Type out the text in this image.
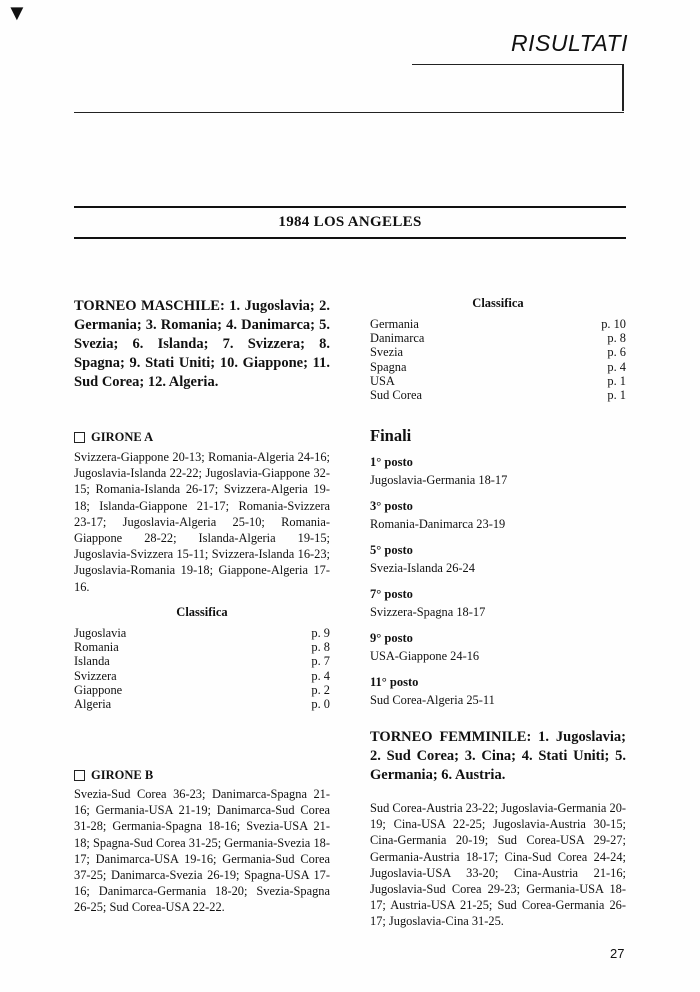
▼
RISULTATI
1984 LOS ANGELES
TORNEO MASCHILE: 1. Jugoslavia; 2. Germania; 3. Romania; 4. Danimarca; 5. Svezia; 6. Islanda; 7. Svizzera; 8. Spagna; 9. Stati Uniti; 10. Giappone; 11. Sud Corea; 12. Algeria.
GIRONE A
Svizzera-Giappone 20-13; Romania-Algeria 24-16; Jugoslavia-Islanda 22-22; Jugoslavia-Giappone 32-15; Romania-Islanda 26-17; Svizzera-Algeria 19-18; Islanda-Giappone 21-17; Romania-Svizzera 23-17; Jugoslavia-Algeria 25-10; Romania-Giappone 28-22; Islanda-Algeria 19-15; Jugoslavia-Svizzera 15-11; Svizzera-Islanda 16-23; Jugoslavia-Romania 19-18; Giappone-Algeria 17-16.
Classifica
Jugoslavia	p. 9
Romania	p. 8
Islanda	p. 7
Svizzera	p. 4
Giappone	p. 2
Algeria	p. 0
GIRONE B
Svezia-Sud Corea 36-23; Danimarca-Spagna 21-16; Germania-USA 21-19; Danimarca-Sud Corea 31-28; Germania-Spagna 18-16; Svezia-USA 21-18; Spagna-Sud Corea 31-25; Germania-Svezia 18-17; Danimarca-USA 19-16; Germania-Sud Corea 37-25; Danimarca-Svezia 26-19; Spagna-USA 17-16; Danimarca-Germania 18-20; Svezia-Spagna 26-25; Sud Corea-USA 22-22.
Classifica
Germania	p. 10
Danimarca	p. 8
Svezia	p. 6
Spagna	p. 4
USA	p. 1
Sud Corea	p. 1
Finali
1° posto
Jugoslavia-Germania 18-17
3° posto
Romania-Danimarca 23-19
5° posto
Svezia-Islanda 26-24
7° posto
Svizzera-Spagna 18-17
9° posto
USA-Giappone 24-16
11° posto
Sud Corea-Algeria 25-11
TORNEO FEMMINILE: 1. Jugoslavia; 2. Sud Corea; 3. Cina; 4. Stati Uniti; 5. Germania; 6. Austria.
Sud Corea-Austria 23-22; Jugoslavia-Germania 20-19; Cina-USA 22-25; Jugoslavia-Austria 30-15; Cina-Germania 20-19; Sud Corea-USA 29-27; Germania-Austria 18-17; Cina-Sud Corea 24-24; Jugoslavia-USA 33-20; Cina-Austria 21-16; Jugoslavia-Sud Corea 29-23; Germania-USA 18-17; Austria-USA 21-25; Sud Corea-Germania 26-17; Jugoslavia-Cina 31-25.
27
